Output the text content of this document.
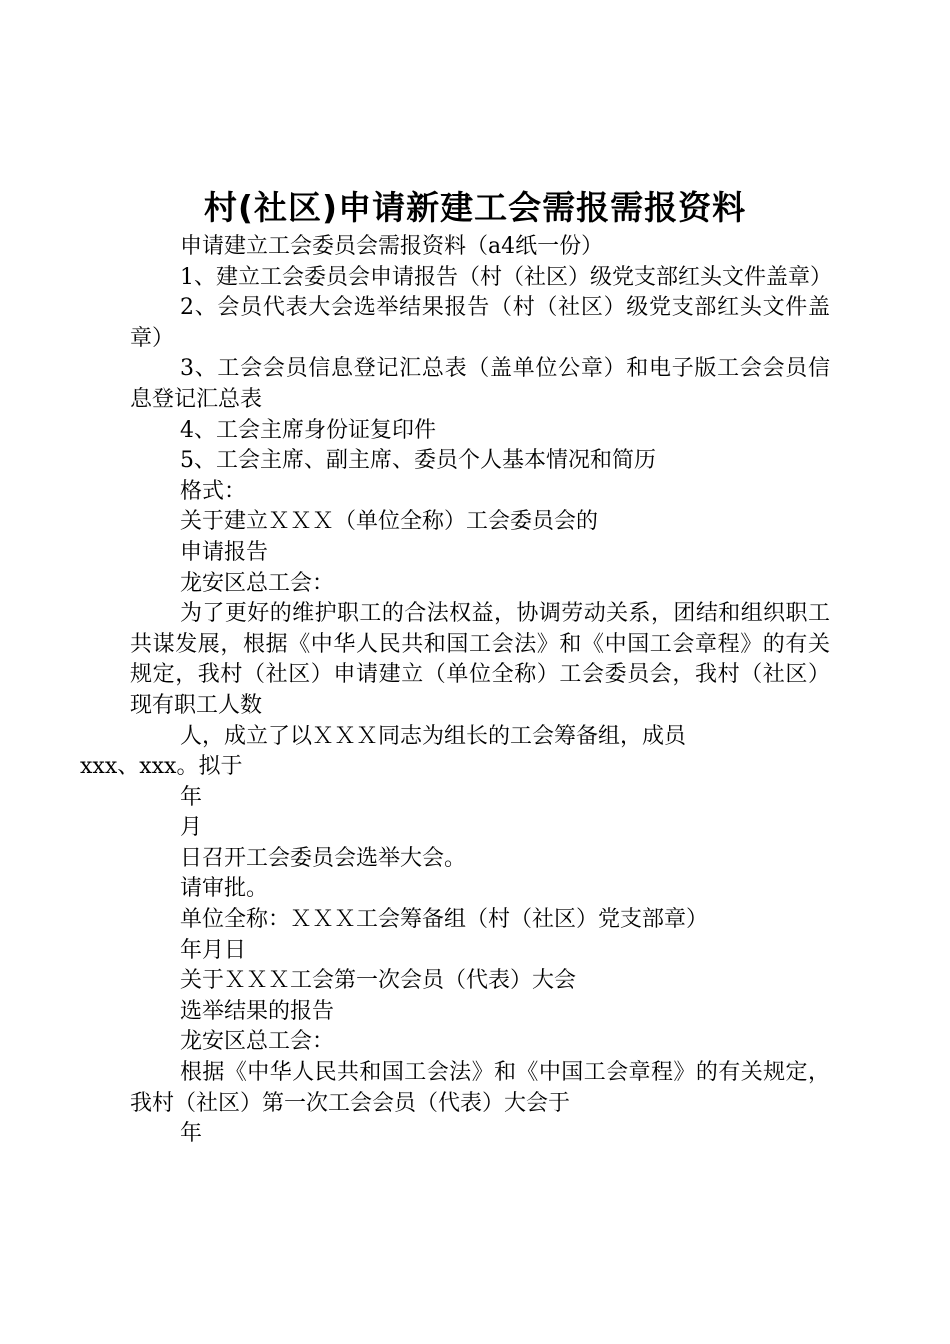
村(社区)申请新建工会需报需报资料

申请建立工会委员会需报资料（a4纸一份）

1、建立工会委员会申请报告（村（社区）级党支部红头文件盖章）

2、会员代表大会选举结果报告（村（社区）级党支部红头文件盖章）

3、工会会员信息登记汇总表（盖单位公章）和电子版工会会员信息登记汇总表

4、工会主席身份证复印件

5、工会主席、副主席、委员个人基本情况和简历

格式：

关于建立ＸＸＸ（单位全称）工会委员会的

申请报告

龙安区总工会：

为了更好的维护职工的合法权益，协调劳动关系，团结和组织职工共谋发展，根据《中华人民共和国工会法》和《中国工会章程》的有关规定，我村（社区）申请建立（单位全称）工会委员会，我村（社区）现有职工人数

人，成立了以ＸＸＸ同志为组长的工会筹备组，成员
xxx、xxx。拟于

年

月

日召开工会委员会选举大会。

请审批。

单位全称：ＸＸＸ工会筹备组（村（社区）党支部章）

年月日

关于ＸＸＸ工会第一次会员（代表）大会

选举结果的报告

龙安区总工会：

根据《中华人民共和国工会法》和《中国工会章程》的有关规定，我村（社区）第一次工会会员（代表）大会于

年
